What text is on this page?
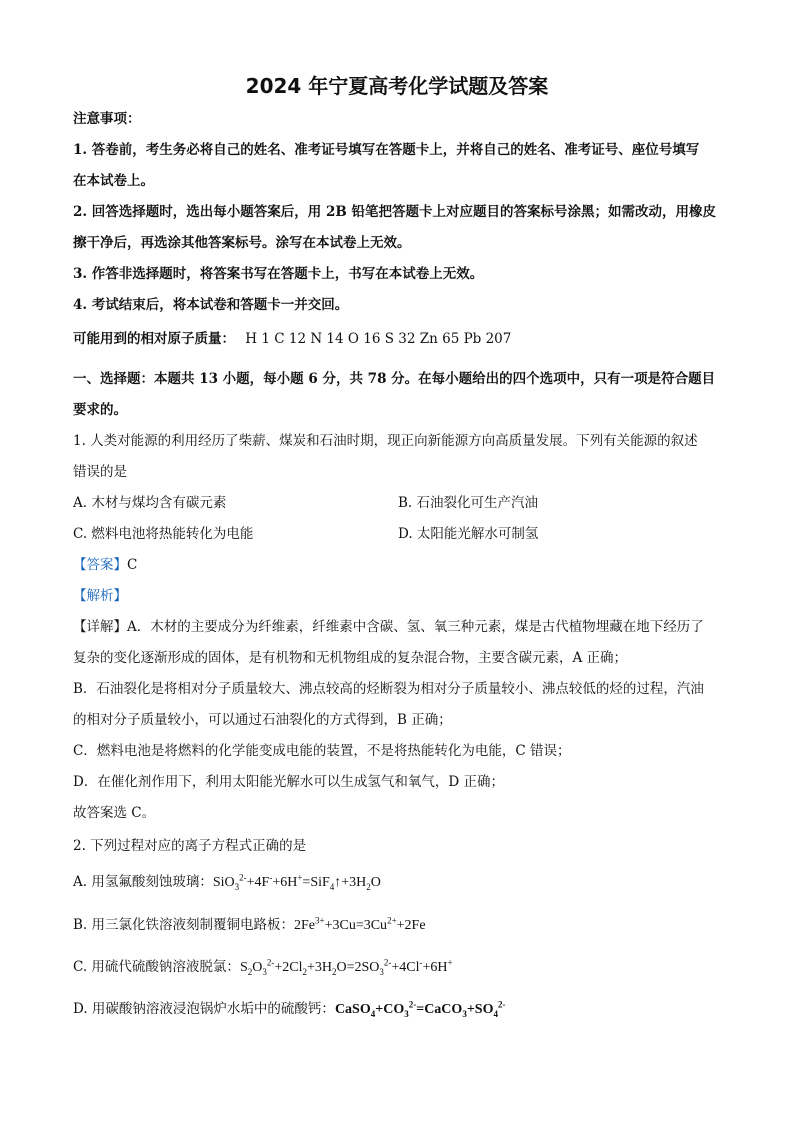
2024 年宁夏高考化学试题及答案
注意事项：
1. 答卷前，考生务必将自己的姓名、准考证号填写在答题卡上，并将自己的姓名、准考证号、座位号填写
在本试卷上。
2. 回答选择题时，选出每小题答案后，用 2B 铅笔把答题卡上对应题目的答案标号涂黑；如需改动，用橡皮
擦干净后，再选涂其他答案标号。涂写在本试卷上无效。
3. 作答非选择题时，将答案书写在答题卡上，书写在本试卷上无效。
4. 考试结束后，将本试卷和答题卡一并交回。
可能用到的相对原子质量： H 1 C 12 N 14 O 16 S 32 Zn 65 Pb 207
一、选择题：本题共 13 小题，每小题 6 分，共 78 分。在每小题给出的四个选项中，只有一项是符合题目
要求的。
1. 人类对能源的利用经历了柴薪、煤炭和石油时期，现正向新能源方向高质量发展。下列有关能源的叙述
错误的是
A. 木材与煤均含有碳元素	B. 石油裂化可生产汽油
C. 燃料电池将热能转化为电能	D. 太阳能光解水可制氢
【答案】C
【解析】
【详解】A．木材的主要成分为纤维素，纤维素中含碳、氢、氧三种元素，煤是古代植物埋藏在地下经历了
复杂的变化逐渐形成的固体，是有机物和无机物组成的复杂混合物，主要含碳元素，A 正确；
B．石油裂化是将相对分子质量较大、沸点较高的烃断裂为相对分子质量较小、沸点较低的烃的过程，汽油
的相对分子质量较小，可以通过石油裂化的方式得到，B 正确；
C．燃料电池是将燃料的化学能变成电能的装置，不是将热能转化为电能，C 错误；
D．在催化剂作用下，利用太阳能光解水可以生成氢气和氧气，D 正确；
故答案选 C。
2. 下列过程对应的离子方程式正确的是
A. 用氢氟酸刻蚀玻璃：$SiO_3^{2-}+4F^-+6H^+=SiF_4↑+3H_2O$
B. 用三氯化铁溶液刻制覆铜电路板：$2Fe^{3+}+3Cu=3Cu^{2+}+2Fe$
C. 用硫代硫酸钠溶液脱氯：$S_2O_3^{2-}+2Cl_2+3H_2O=2SO_3^{2-}+4Cl^-+6H^+$
D. 用碳酸钠溶液浸泡锅炉水垢中的硫酸钙：$CaSO_4+CO_3^{2-}=CaCO_3+SO_4^{2-}$
